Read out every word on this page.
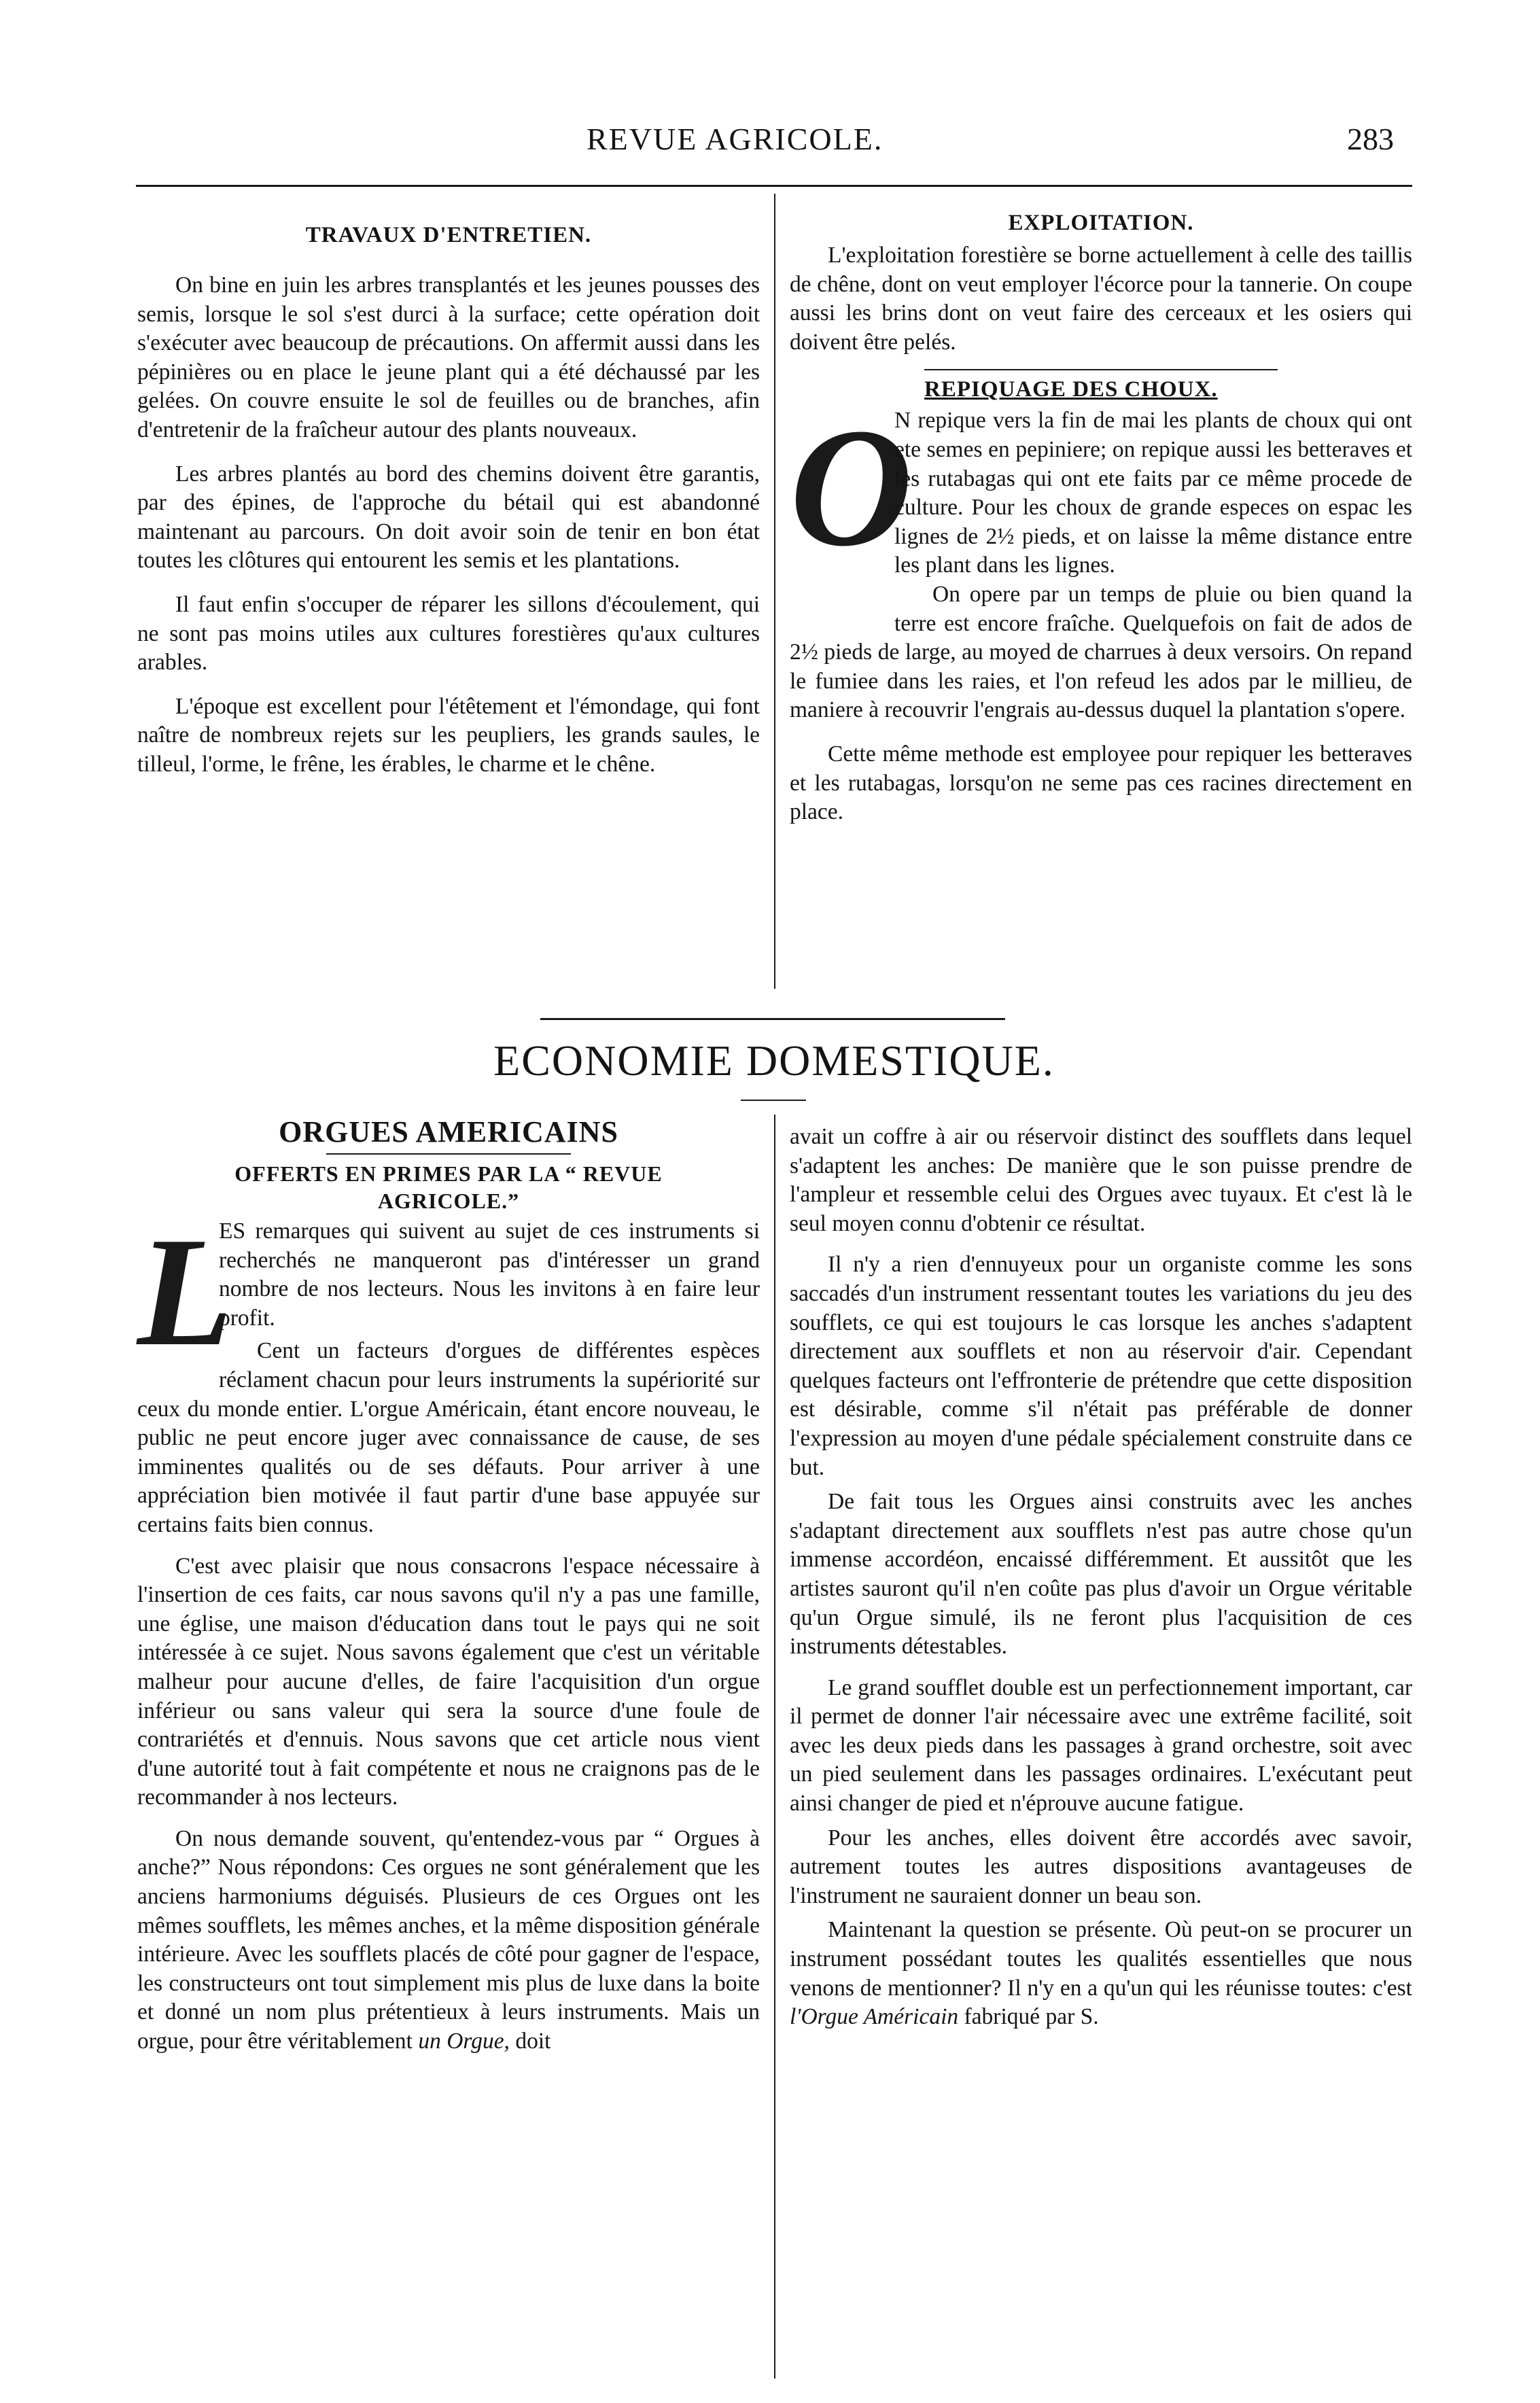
REVUE AGRICOLE.	283
TRAVAUX D'ENTRETIEN.

On bine en juin les arbres transplantés et les jeunes pousses des semis, lorsque le sol s'est durci à la surface; cette opération doit s'exécuter avec beaucoup de précautions. On affermit aussi dans les pépinières ou en place le jeune plant qui a été déchaussé par les gelées. On couvre ensuite le sol de feuilles ou de branches, afin d'entretenir de la fraîcheur autour des plants nouveaux.

Les arbres plantés au bord des chemins doivent être garantis, par des épines, de l'approche du bétail qui est abandonné maintenant au parcours. On doit avoir soin de tenir en bon état toutes les clôtures qui entourent les semis et les plantations.

Il faut enfin s'occuper de réparer les sillons d'écoulement, qui ne sont pas moins utiles aux cultures forestières qu'aux cultures arables.

L'époque est excellent pour l'étêtement et l'émondage, qui font naître de nombreux rejets sur les peupliers, les grands saules, le tilleul, l'orme, le frêne, les érables, le charme et le chêne.

EXPLOITATION.

L'exploitation forestière se borne actuellement à celle des taillis de chêne, dont on veut employer l'écorce pour la tannerie. On coupe aussi les brins dont on veut faire des cerceaux et les osiers qui doivent être pelés.

REPIQUAGE DES CHOUX.

O
N repique vers la fin de mai les plants de choux qui ont ete semes en pepiniere; on repique aussi les betteraves et les rutabagas qui ont ete faits par ce même procede de culture. Pour les choux de grande especes on espac les lignes de 2½ pieds, et on laisse la même distance entre les plant dans les lignes.

On opere par un temps de pluie ou bien quand la terre est encore fraîche. Quelquefois on fait de ados de 2½ pieds de large, au moyed de charrues à deux versoirs. On repand le fumiee dans les raies, et l'on refeud les ados par le millieu, de maniere à recouvrir l'engrais au-dessus duquel la plantation s'opere.

Cette même methode est employee pour repiquer les betteraves et les rutabagas, lorsqu'on ne seme pas ces racines directement en place.

ECONOMIE DOMESTIQUE.
ORGUES AMERICAINS
OFFERTS EN PRIMES PAR LA “ REVUE AGRICOLE.”

L
ES remarques qui suivent au sujet de ces instruments si recherchés ne manqueront pas d'intéresser un grand nombre de nos lecteurs. Nous les invitons à en faire leur profit.

Cent un facteurs d'orgues de différentes espèces réclament chacun pour leurs instruments la supériorité sur ceux du monde entier. L'orgue Américain, étant encore nouveau, le public ne peut encore juger avec connaissance de cause, de ses imminentes qualités ou de ses défauts. Pour arriver à une appréciation bien motivée il faut partir d'une base appuyée sur certains faits bien connus.

C'est avec plaisir que nous consacrons l'espace nécessaire à l'insertion de ces faits, car nous savons qu'il n'y a pas une famille, une église, une maison d'éducation dans tout le pays qui ne soit intéressée à ce sujet. Nous savons également que c'est un véritable malheur pour aucune d'elles, de faire l'acquisition d'un orgue inférieur ou sans valeur qui sera la source d'une foule de contrariétés et d'ennuis. Nous savons que cet article nous vient d'une autorité tout à fait compétente et nous ne craignons pas de le recommander à nos lecteurs.

On nous demande souvent, qu'entendez-vous par “ Orgues à anche?” Nous répondons: Ces orgues ne sont généralement que les anciens harmoniums déguisés. Plusieurs de ces Orgues ont les mêmes soufflets, les mêmes anches, et la même disposition générale intérieure. Avec les soufflets placés de côté pour gagner de l'espace, les constructeurs ont tout simplement mis plus de luxe dans la boite et donné un nom plus prétentieux à leurs instruments. Mais un orgue, pour être véritablement un Orgue, doit

avait un coffre à air ou réservoir distinct des soufflets dans lequel s'adaptent les anches: De manière que le son puisse prendre de l'ampleur et ressemble celui des Orgues avec tuyaux. Et c'est là le seul moyen connu d'obtenir ce résultat.

Il n'y a rien d'ennuyeux pour un organiste comme les sons saccadés d'un instrument ressentant toutes les variations du jeu des soufflets, ce qui est toujours le cas lorsque les anches s'adaptent directement aux soufflets et non au réservoir d'air. Cependant quelques facteurs ont l'effronterie de prétendre que cette disposition est désirable, comme s'il n'était pas préférable de donner l'expression au moyen d'une pédale spécialement construite dans ce but.

De fait tous les Orgues ainsi construits avec les anches s'adaptant directement aux soufflets n'est pas autre chose qu'un immense accordéon, encaissé différemment. Et aussitôt que les artistes sauront qu'il n'en coûte pas plus d'avoir un Orgue véritable qu'un Orgue simulé, ils ne feront plus l'acquisition de ces instruments détestables.

Le grand soufflet double est un perfectionnement important, car il permet de donner l'air nécessaire avec une extrême facilité, soit avec les deux pieds dans les passages à grand orchestre, soit avec un pied seulement dans les passages ordinaires. L'exécutant peut ainsi changer de pied et n'éprouve aucune fatigue.

Pour les anches, elles doivent être accordés avec savoir, autrement toutes les autres dispositions avantageuses de l'instrument ne sauraient donner un beau son.

Maintenant la question se présente. Où peut-on se procurer un instrument possédant toutes les qualités essentielles que nous venons de mentionner? Il n'y en a qu'un qui les réunisse toutes: c'est l'Orgue Américain fabriqué par S.
